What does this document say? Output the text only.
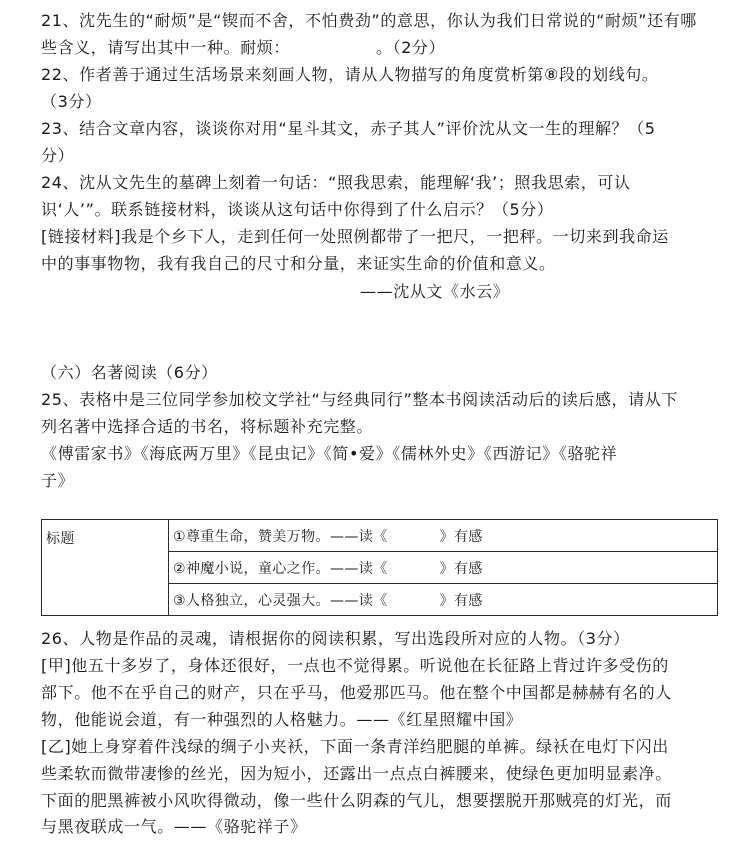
21、沈先生的“耐烦”是“锲而不舍，不怕费劲”的意思，你认为我们日常说的“耐烦”还有哪
些含义，请写出其中一种。耐烦：	。（2分）
22、作者善于通过生活场景来刻画人物，请从人物描写的角度赏析第⑧段的划线句。
（3分）
23、结合文章内容，谈谈你对用“星斗其文，赤子其人”评价沈从文一生的理解？（5
分）
24、沈从文先生的墓碑上刻着一句话：“照我思索，能理解‘我’；照我思索，可认
识‘人’”。联系链接材料，谈谈从这句话中你得到了什么启示？（5分）
[链接材料]我是个乡下人，走到任何一处照例都带了一把尺，一把秤。一切来到我命运
中的事事物物，我有我自己的尺寸和分量，来证实生命的价值和意义。
——沈从文《水云》
（六）名著阅读（6分）
25、表格中是三位同学参加校文学社“与经典同行”整本书阅读活动后的读后感，请从下
列名著中选择合适的书名，将标题补充完整。
《傅雷家书》《海底两万里》《昆虫记》《简•爱》《儒林外史》《西游记》《骆驼祥
子》
标题	①尊重生命，赞美万物。——读《	》有感
②神魔小说，童心之作。——读《	》有感
③人格独立，心灵强大。——读《	》有感
26、人物是作品的灵魂，请根据你的阅读积累，写出选段所对应的人物。（3分）
[甲]他五十多岁了，身体还很好，一点也不觉得累。听说他在长征路上背过许多受伤的
部下。他不在乎自己的财产，只在乎马，他爱那匹马。他在整个中国都是赫赫有名的人
物，他能说会道，有一种强烈的人格魅力。——《红星照耀中国》
[乙]她上身穿着件浅绿的绸子小夹袄，下面一条青洋绉肥腿的单裤。绿袄在电灯下闪出
些柔软而微带凄惨的丝光，因为短小，还露出一点点白裤腰来，使绿色更加明显素净。
下面的肥黑裤被小风吹得微动，像一些什么阴森的气儿，想要摆脱开那贼亮的灯光，而
与黑夜联成一气。——《骆驼祥子》
